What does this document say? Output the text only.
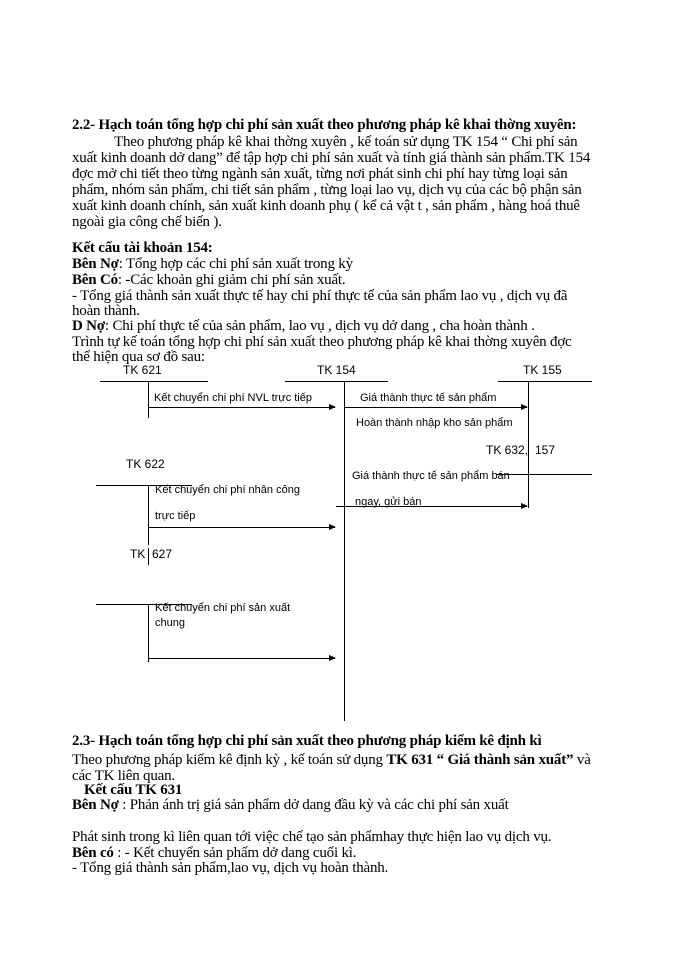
2.2- Hạch toán tổng hợp chi phí sản xuất theo phương pháp kê khai thờng xuyên:
Theo phương pháp kê khai thờng xuyên , kế toán sử dụng TK 154 “ Chi phí sản
xuất kinh doanh dở dang” để tập hợp chi phí sản xuất và tính giá thành sản phẩm.TK 154
đợc mở chi tiết theo từng ngành sản xuất, từng nơi phát sinh chi phí hay từng loại sản
phẩm, nhóm sản phẩm, chi tiết sản phẩm , từng loại lao vụ, dịch vụ của các bộ phận sản
xuất kinh doanh chính, sản xuất kinh doanh phụ ( kể cả vật t , sản phẩm , hàng hoá thuê
ngoài gia công chế biến ).
Kết cấu tài khoản 154:
Bên Nợ: Tổng hợp các chi phí sản xuất trong kỳ
Bên Có: -Các khoản ghi giảm chi phí sản xuất.
- Tổng giá thành sản xuất thực tế hay chi phí thực tế của sản phẩm lao vụ , dịch vụ đã
hoàn thành.
D Nợ: Chi phí thực tế của sản phẩm, lao vụ , dịch vụ dở dang , cha hoàn thành .
Trình tự kế toán tổng hợp chi phí sản xuất theo phương pháp kê khai thờng xuyên đợc
thể hiện qua sơ đồ sau:
TK 621	TK 154	TK 155
TK 622
TK 627
TK 632, 157
Kết chuyển chi phí NVL trực tiếp	Giá thành thực tế sản phẩm
Hoàn thành nhập kho sản phẩm
Kết chuyển chi phí nhân công
trực tiếp
Giá thành thực tế sản phẩm bán
ngay, gửi bán
Kết chuyển chi phí sản xuất
chung
2.3- Hạch toán tổng hợp chi phí sản xuất theo phương pháp kiểm kê định kì
Theo phương pháp kiểm kê định kỳ , kế toán sử dụng TK 631 “ Giá thành sản xuất” và
các TK liên quan.
Kết cấu TK 631
Bên Nợ : Phản ánh trị giá sản phẩm dở dang đầu kỳ và các chi phí sản xuất
Phát sinh trong kì liên quan tới việc chế tạo sản phẩmhay thực hiện lao vụ dịch vụ.
Bên có : - Kết chuyển sản phẩm dở dang cuối kì.
- Tổng giá thành sản phẩm,lao vụ, dịch vụ hoàn thành.
